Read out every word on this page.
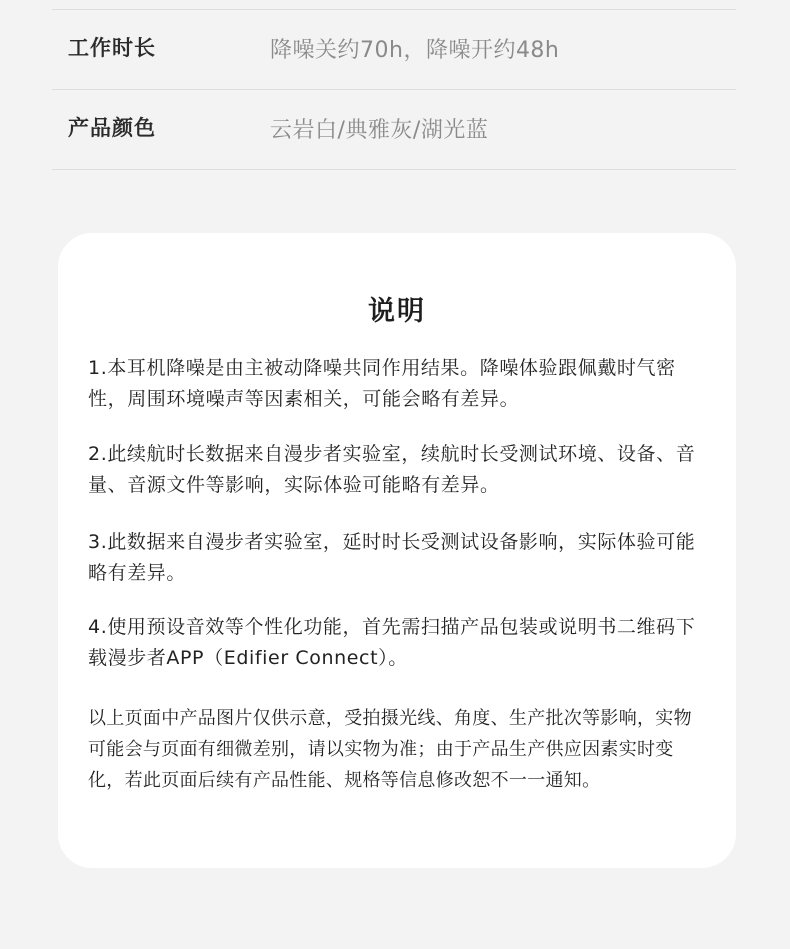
工作时长	降噪关约70h，降噪开约48h
产品颜色	云岩白/典雅灰/湖光蓝
说明

1.本耳机降噪是由主被动降噪共同作用结果。降噪体验跟佩戴时气密性，周围环境噪声等因素相关，可能会略有差异。

2.此续航时长数据来自漫步者实验室，续航时长受测试环境、设备、音量、音源文件等影响，实际体验可能略有差异。

3.此数据来自漫步者实验室，延时时长受测试设备影响，实际体验可能略有差异。

4.使用预设音效等个性化功能，首先需扫描产品包装或说明书二维码下载漫步者APP（Edifier Connect）。

以上页面中产品图片仅供示意，受拍摄光线、角度、生产批次等影响，实物可能会与页面有细微差别，请以实物为准；由于产品生产供应因素实时变化，若此页面后续有产品性能、规格等信息修改恕不一一通知。
